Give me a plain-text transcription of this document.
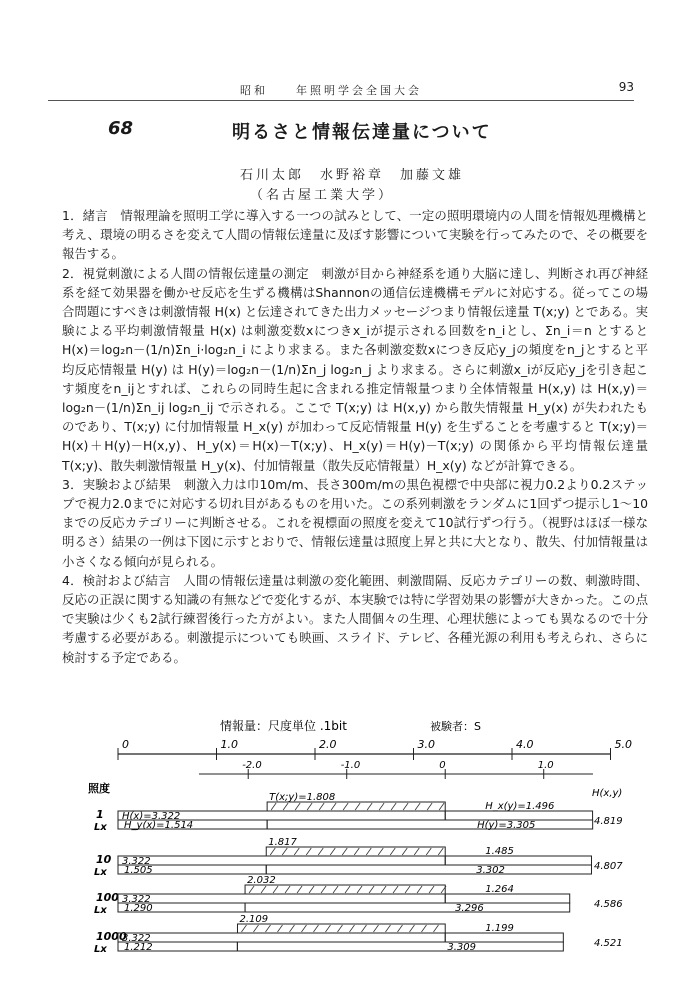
昭和　　年照明学会全国大会	93
68	明るさと情報伝達量について
石川太郎　水野裕章　加藤文雄
（名古屋工業大学）

1．緒言　情報理論を照明工学に導入する一つの試みとして、一定の照明環境内の人間を情報処理機構と考え、環境の明るさを変えて人間の情報伝達量に及ぼす影響について実験を行ってみたので、その概要を報告する。

2．視覚刺激による人間の情報伝達量の測定　刺激が目から神経系を通り大脳に達し、判断され再び神経系を経て効果器を働かせ反応を生ずる機構はShannonの通信伝達機構モデルに対応する。従ってこの場合問題にすべきは刺激情報 H(x) と伝達されてきた出力メッセージつまり情報伝達量 T(x;y) とである。実験による平均刺激情報量 H(x) は刺激変数xにつきx_iが提示される回数をn_iとし、Σn_i＝n とすると H(x)＝log₂n－(1/n)Σn_i·log₂n_i により求まる。また各刺激変数xにつき反応y_jの頻度をn_jとすると平均反応情報量 H(y) は H(y)＝log₂n－(1/n)Σn_j log₂n_j より求まる。さらに刺激x_iが反応y_jを引き起こす頻度をn_ijとすれば、これらの同時生起に含まれる推定情報量つまり全体情報量 H(x,y) は H(x,y)＝log₂n－(1/n)Σn_ij log₂n_ij で示される。ここで T(x;y) は H(x,y) から散失情報量 H_y(x) が失われたものであり、T(x;y) に付加情報量 H_x(y) が加わって反応情報量 H(y) を生ずることを考慮すると T(x;y)＝H(x)＋H(y)－H(x,y)、H_y(x)＝H(x)－T(x;y)、H_x(y)＝H(y)－T(x;y) の関係から平均情報伝達量 T(x;y)、散失刺激情報量 H_y(x)、付加情報量（散失反応情報量）H_x(y) などが計算できる。

3．実験および結果　刺激入力は巾10m/m、長さ300m/mの黒色視標で中央部に視力0.2より0.2ステップで視力2.0までに対応する切れ目があるものを用いた。この系列刺激をランダムに1回ずつ提示し1～10までの反応カテゴリーに判断させる。これを視標面の照度を変えて10試行ずつ行う。（視野はほぼ一様な明るさ）結果の一例は下図に示すとおりで、情報伝達量は照度上昇と共に大となり、散失、付加情報量は小さくなる傾向が見られる。

4．検討および結言　人間の情報伝達量は刺激の変化範囲、刺激間隔、反応カテゴリーの数、刺激時間、反応の正誤に関する知識の有無などで変化するが、本実験では特に学習効果の影響が大きかった。この点で実験は少くも2試行練習後行った方がよい。また人間個々の生理、心理状態によっても異なるので十分考慮する必要がある。刺激提示についても映画、スライド、テレビ、各種光源の利用も考えられ、さらに検討する予定である。

情報量：尺度単位 .1bit	被験者：S
0	1.0	2.0	3.0	4.0	5.0
-2.0	-1.0	0	1.0
照度
1
Lx
T(x;y)=1.808
H(x)=3.322
H_x(y)=1.496
H_y(x)=1.514	H(y)=3.305	4.819
10
Lx
1.817
3.322
1.485
1.505	3.302	4.807
100
Lx
2.032
3.322
1.264
1.290	3.296	4.586
1000
Lx
2.109
3.322
1.199
1.212	3.309	4.521
H(x,y)
